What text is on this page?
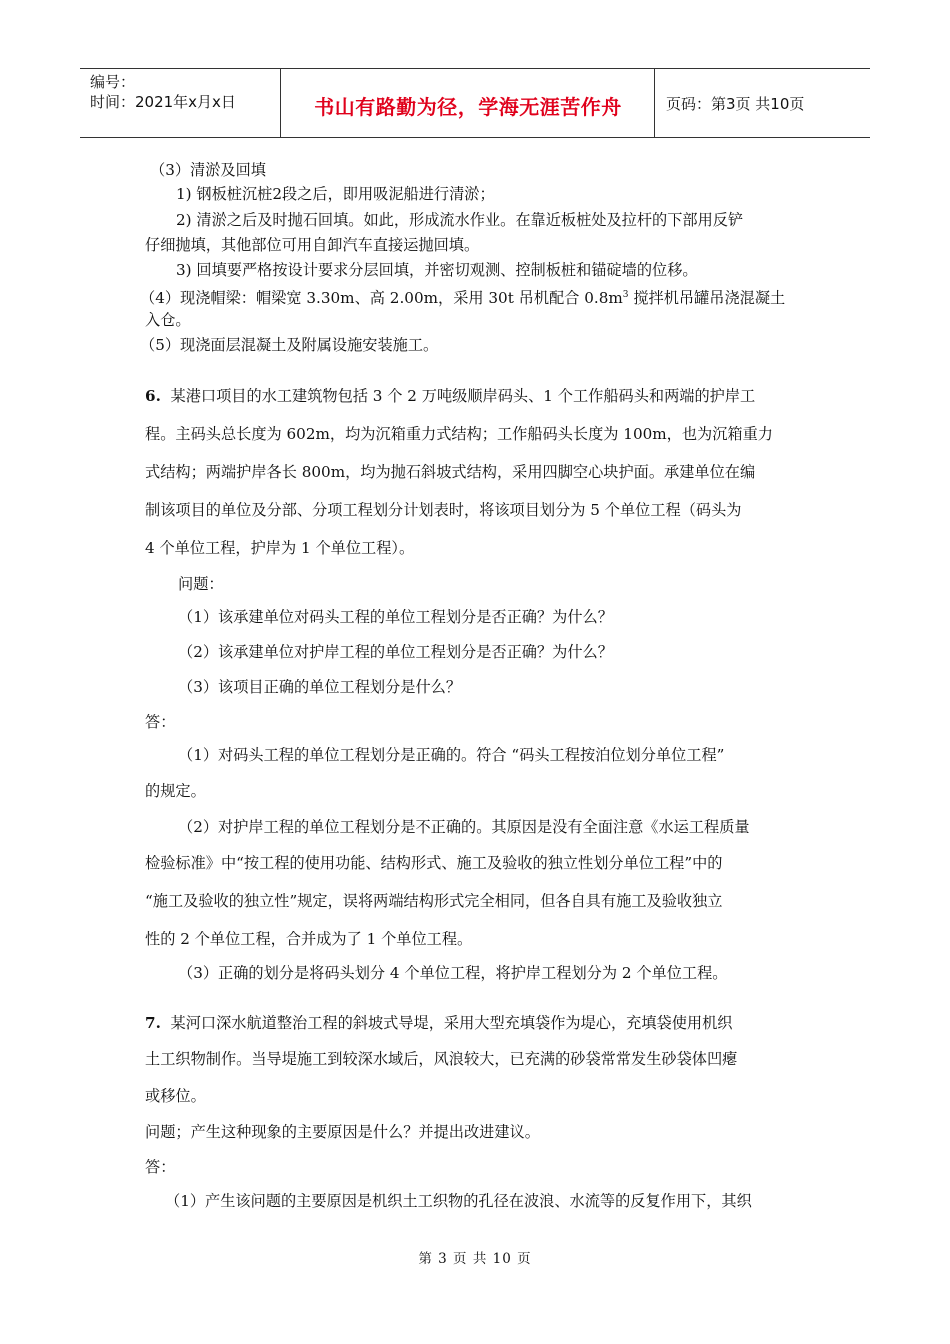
编号：
时间：2021年x月x日	书山有路勤为径，学海无涯苦作舟	页码：第3页 共10页

（3）清淤及回填

1) 钢板桩沉桩2段之后，即用吸泥船进行清淤；

2) 清淤之后及时抛石回填。如此，形成流水作业。在靠近板桩处及拉杆的下部用反铲

仔细抛填，其他部位可用自卸汽车直接运抛回填。

3) 回填要严格按设计要求分层回填，并密切观测、控制板桩和锚碇墙的位移。

（4）现浇帽梁：帽梁宽 3.30m、高 2.00m，采用 30t 吊机配合 $0.8m^3$ 搅拌机吊罐吊浇混凝土

入仓。

（5）现浇面层混凝土及附属设施安装施工。

6. 某港口项目的水工建筑物包括 3 个 2 万吨级顺岸码头、1 个工作船码头和两端的护岸工

程。主码头总长度为 602m，均为沉箱重力式结构；工作船码头长度为 100m，也为沉箱重力

式结构；两端护岸各长 800m，均为抛石斜坡式结构，采用四脚空心块护面。承建单位在编

制该项目的单位及分部、分项工程划分计划表时，将该项目划分为 5 个单位工程（码头为

4 个单位工程，护岸为 1 个单位工程）。

问题：

（1）该承建单位对码头工程的单位工程划分是否正确？为什么？

（2）该承建单位对护岸工程的单位工程划分是否正确？为什么？

（3）该项目正确的单位工程划分是什么？

答：

（1）对码头工程的单位工程划分是正确的。符合 “码头工程按泊位划分单位工程”

的规定。

（2）对护岸工程的单位工程划分是不正确的。其原因是没有全面注意《水运工程质量

检验标准》中“按工程的使用功能、结构形式、施工及验收的独立性划分单位工程”中的

“施工及验收的独立性”规定，误将两端结构形式完全相同，但各自具有施工及验收独立

性的 2 个单位工程，合并成为了 1 个单位工程。

（3）正确的划分是将码头划分 4 个单位工程，将护岸工程划分为 2 个单位工程。

7. 某河口深水航道整治工程的斜坡式导堤，采用大型充填袋作为堤心，充填袋使用机织

土工织物制作。当导堤施工到较深水域后，风浪较大，已充满的砂袋常常发生砂袋体凹瘪

或移位。

问题；产生这种现象的主要原因是什么？并提出改进建议。

答：

（1）产生该问题的主要原因是机织土工织物的孔径在波浪、水流等的反复作用下，其织

第 3 页 共 10 页
